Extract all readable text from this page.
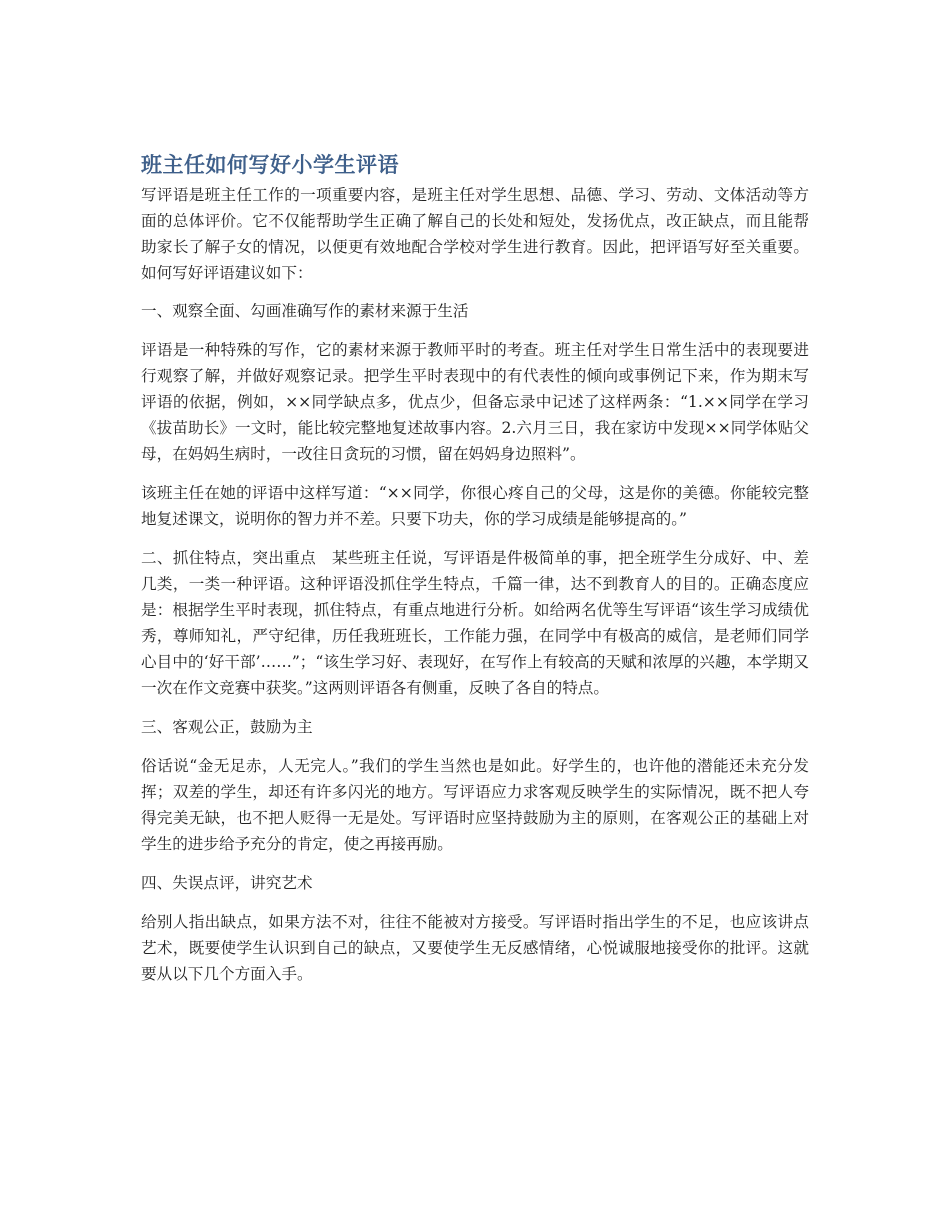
班主任如何写好小学生评语

写评语是班主任工作的一项重要内容，是班主任对学生思想、品德、学习、劳动、文体活动等方面的总体评价。它不仅能帮助学生正确了解自己的长处和短处，发扬优点，改正缺点，而且能帮助家长了解子女的情况，以便更有效地配合学校对学生进行教育。因此，把评语写好至关重要。如何写好评语建议如下：

一、观察全面、勾画准确写作的素材来源于生活

评语是一种特殊的写作，它的素材来源于教师平时的考查。班主任对学生日常生活中的表现要进行观察了解，并做好观察记录。把学生平时表现中的有代表性的倾向或事例记下来，作为期末写评语的依据，例如，××同学缺点多，优点少，但备忘录中记述了这样两条：“1.××同学在学习《拔苗助长》一文时，能比较完整地复述故事内容。2.六月三日，我在家访中发现××同学体贴父母，在妈妈生病时，一改往日贪玩的习惯，留在妈妈身边照料”。

该班主任在她的评语中这样写道：“××同学，你很心疼自己的父母，这是你的美德。你能较完整地复述课文，说明你的智力并不差。只要下功夫，你的学习成绩是能够提高的。”

二、抓住特点，突出重点　某些班主任说，写评语是件极简单的事，把全班学生分成好、中、差几类，一类一种评语。这种评语没抓住学生特点，千篇一律，达不到教育人的目的。正确态度应是：根据学生平时表现，抓住特点，有重点地进行分析。如给两名优等生写评语“该生学习成绩优秀，尊师知礼，严守纪律，历任我班班长，工作能力强，在同学中有极高的威信，是老师们同学心目中的‘好干部’……”；“该生学习好、表现好，在写作上有较高的天赋和浓厚的兴趣，本学期又一次在作文竞赛中获奖。”这两则评语各有侧重，反映了各自的特点。

三、客观公正，鼓励为主

俗话说“金无足赤，人无完人。”我们的学生当然也是如此。好学生的，也许他的潜能还未充分发挥；双差的学生，却还有许多闪光的地方。写评语应力求客观反映学生的实际情况，既不把人夸得完美无缺，也不把人贬得一无是处。写评语时应坚持鼓励为主的原则，在客观公正的基础上对学生的进步给予充分的肯定，使之再接再励。

四、失误点评，讲究艺术

给别人指出缺点，如果方法不对，往往不能被对方接受。写评语时指出学生的不足，也应该讲点艺术，既要使学生认识到自己的缺点，又要使学生无反感情绪，心悦诚服地接受你的批评。这就要从以下几个方面入手。
